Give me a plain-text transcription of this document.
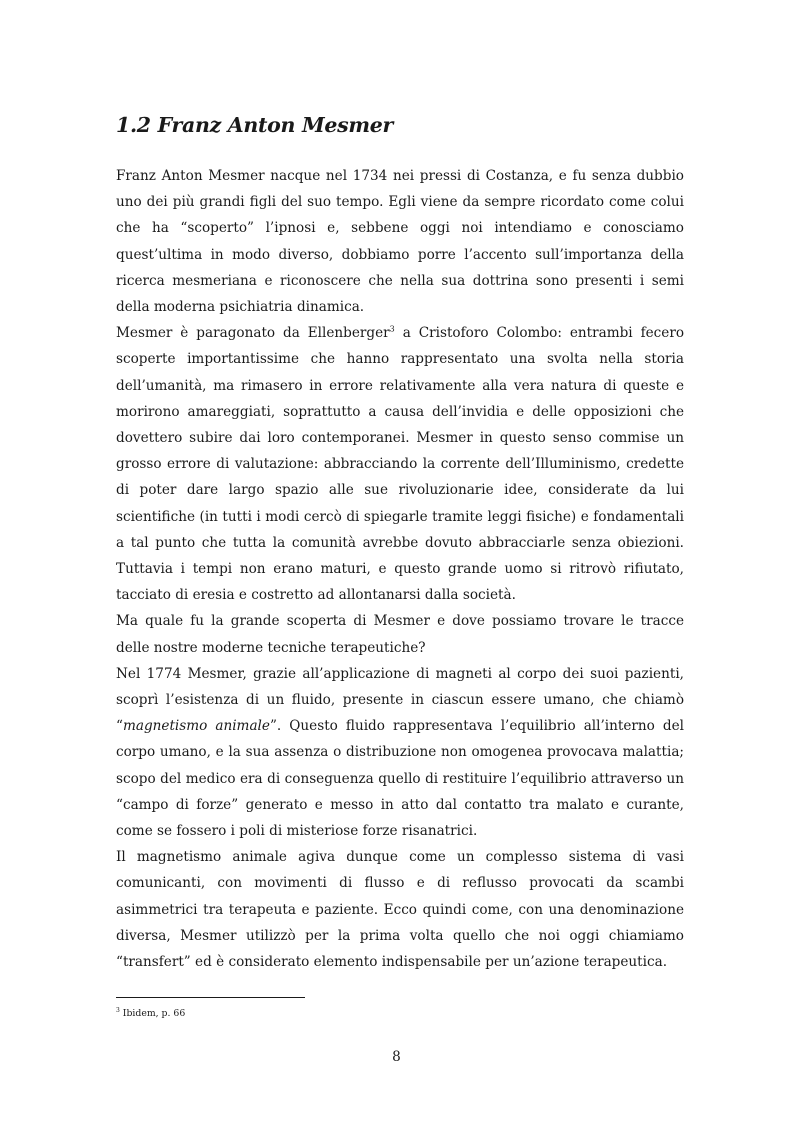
1.2 Franz Anton Mesmer

Franz Anton Mesmer nacque nel 1734 nei pressi di Costanza, e fu senza dubbio uno dei più grandi figli del suo tempo. Egli viene da sempre ricordato come colui che ha “scoperto” l’ipnosi e, sebbene oggi noi intendiamo e conosciamo quest’ultima in modo diverso, dobbiamo porre l’accento sull’importanza della ricerca mesmeriana e riconoscere che nella sua dottrina sono presenti i semi della moderna psichiatria dinamica.

Mesmer è paragonato da Ellenberger$^3$ a Cristoforo Colombo: entrambi fecero scoperte importantissime che hanno rappresentato una svolta nella storia dell’umanità, ma rimasero in errore relativamente alla vera natura di queste e morirono amareggiati, soprattutto a causa dell’invidia e delle opposizioni che dovettero subire dai loro contemporanei. Mesmer in questo senso commise un grosso errore di valutazione: abbracciando la corrente dell’Illuminismo, credette di poter dare largo spazio alle sue rivoluzionarie idee, considerate da lui scientifiche (in tutti i modi cercò di spiegarle tramite leggi fisiche) e fondamentali a tal punto che tutta la comunità avrebbe dovuto abbracciarle senza obiezioni. Tuttavia i tempi non erano maturi, e questo grande uomo si ritrovò rifiutato, tacciato di eresia e costretto ad allontanarsi dalla società.

Ma quale fu la grande scoperta di Mesmer e dove possiamo trovare le tracce delle nostre moderne tecniche terapeutiche?

Nel 1774 Mesmer, grazie all’applicazione di magneti al corpo dei suoi pazienti, scoprì l’esistenza di un fluido, presente in ciascun essere umano, che chiamò “magnetismo animale”. Questo fluido rappresentava l’equilibrio all’interno del corpo umano, e la sua assenza o distribuzione non omogenea provocava malattia; scopo del medico era di conseguenza quello di restituire l’equilibrio attraverso un “campo di forze” generato e messo in atto dal contatto tra malato e curante, come se fossero i poli di misteriose forze risanatrici.

Il magnetismo animale agiva dunque come un complesso sistema di vasi comunicanti, con movimenti di flusso e di reflusso provocati da scambi asimmetrici tra terapeuta e paziente. Ecco quindi come, con una denominazione diversa, Mesmer utilizzò per la prima volta quello che noi oggi chiamiamo “transfert” ed è considerato elemento indispensabile per un’azione terapeutica.

$^3$ Ibidem, p. 66

8
